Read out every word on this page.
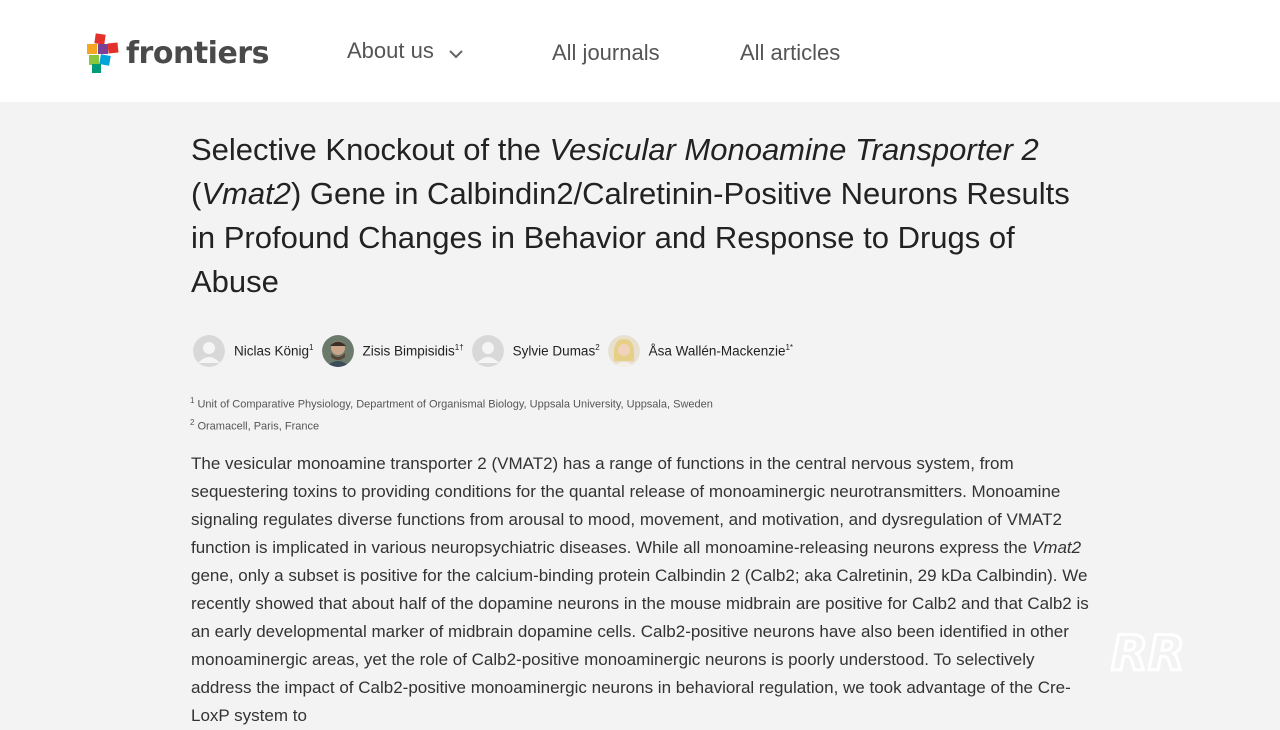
frontiers	About us	All journals	All articles
Selective Knockout of the Vesicular Monoamine Transporter 2 (Vmat2) Gene in Calbindin2/Calretinin-Positive Neurons Results in Profound Changes in Behavior and Response to Drugs of Abuse
Niclas König$^1$	Zisis Bimpisidis$^{1\dagger}$	Sylvie Dumas$^2$	Åsa Wallén-Mackenzie$^{1*}$
$^1$ Unit of Comparative Physiology, Department of Organismal Biology, Uppsala University, Uppsala, Sweden
$^2$ Oramacell, Paris, France

The vesicular monoamine transporter 2 (VMAT2) has a range of functions in the central nervous system, from sequestering toxins to providing conditions for the quantal release of monoaminergic neurotransmitters. Monoamine signaling regulates diverse functions from arousal to mood, movement, and motivation, and dysregulation of VMAT2 function is implicated in various neuropsychiatric diseases. While all monoamine-releasing neurons express the Vmat2 gene, only a subset is positive for the calcium-binding protein Calbindin 2 (Calb2; aka Calretinin, 29 kDa Calbindin). We recently showed that about half of the dopamine neurons in the mouse midbrain are positive for Calb2 and that Calb2 is an early developmental marker of midbrain dopamine cells. Calb2-positive neurons have also been identified in other monoaminergic areas, yet the role of Calb2-positive monoaminergic neurons is poorly understood. To selectively address the impact of Calb2-positive monoaminergic neurons in behavioral regulation, we took advantage of the Cre-LoxP system to

RR
